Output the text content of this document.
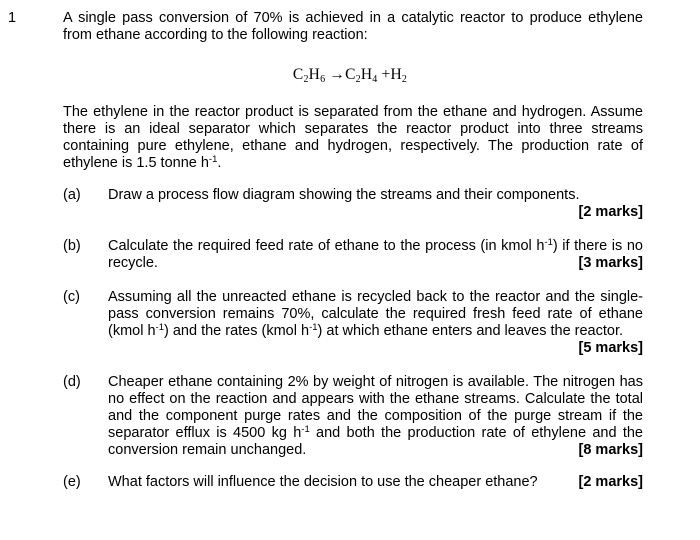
1	A single pass conversion of 70% is achieved in a catalytic reactor to produce ethylene from ethane according to the following reaction:
$C_2H_6 \to C_2H_4 +H_2$
The ethylene in the reactor product is separated from the ethane and hydrogen. Assume there is an ideal separator which separates the reactor product into three streams containing pure ethylene, ethane and hydrogen, respectively. The production rate of ethylene is 1.5 tonne $h^{-1}$.
(a) Draw a process flow diagram showing the streams and their components.
[2 marks]
(b) Calculate the required feed rate of ethane to the process (in kmol $h^{-1}$) if there is no recycle.	[3 marks]
(c) Assuming all the unreacted ethane is recycled back to the reactor and the single-pass conversion remains 70%, calculate the required fresh feed rate of ethane (kmol $h^{-1}$) and the rates (kmol $h^{-1}$) at which ethane enters and leaves the reactor.
[5 marks]
(d) Cheaper ethane containing 2% by weight of nitrogen is available. The nitrogen has no effect on the reaction and appears with the ethane streams. Calculate the total and the component purge rates and the composition of the purge stream if the separator efflux is 4500 kg $h^{-1}$ and both the production rate of ethylene and the conversion remain unchanged.	[8 marks]
(e) What factors will influence the decision to use the cheaper ethane?	[2 marks]
